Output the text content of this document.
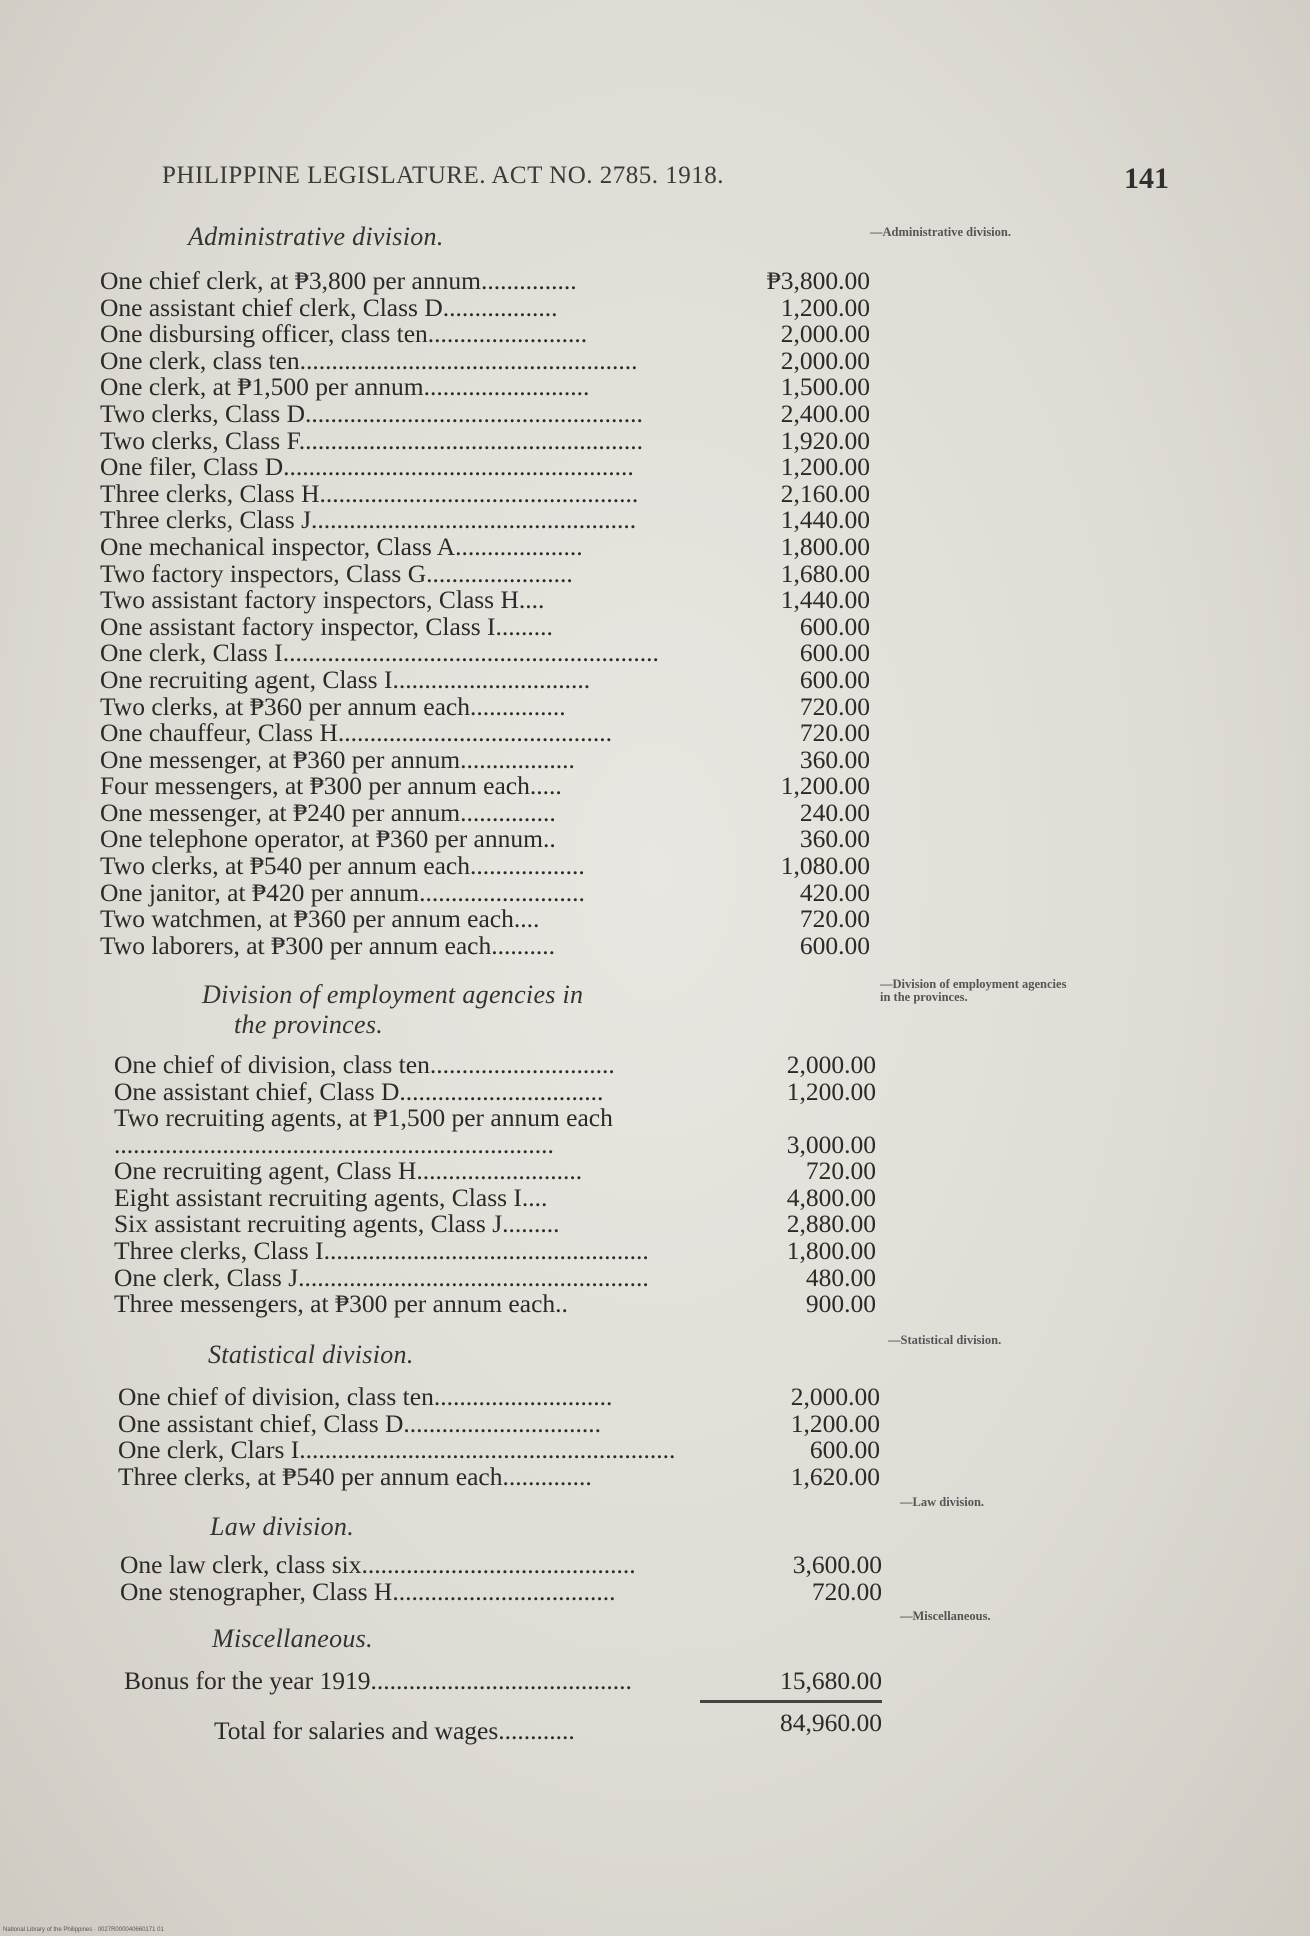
PHILIPPINE LEGISLATURE. ACT NO. 2785. 1918.	141
Administrative division.	—Administrative division.
One chief clerk, at ₱3,800 per annum...............	₱3,800.00
One assistant chief clerk, Class D..................	1,200.00
One disbursing officer, class ten.........................	2,000.00
One clerk, class ten.....................................................	2,000.00
One clerk, at ₱1,500 per annum..........................	1,500.00
Two clerks, Class D.....................................................	2,400.00
Two clerks, Class F......................................................	1,920.00
One filer, Class D.......................................................	1,200.00
Three clerks, Class H..................................................	2,160.00
Three clerks, Class J...................................................	1,440.00
One mechanical inspector, Class A....................	1,800.00
Two factory inspectors, Class G.......................	1,680.00
Two assistant factory inspectors, Class H....	1,440.00
One assistant factory inspector, Class I.........	600.00
One clerk, Class I...........................................................	600.00
One recruiting agent, Class I...............................	600.00
Two clerks, at ₱360 per annum each...............	720.00
One chauffeur, Class H...........................................	720.00
One messenger, at ₱360 per annum..................	360.00
Four messengers, at ₱300 per annum each.....	1,200.00
One messenger, at ₱240 per annum...............	240.00
One telephone operator, at ₱360 per annum..	360.00
Two clerks, at ₱540 per annum each..................	1,080.00
One janitor, at ₱420 per annum..........................	420.00
Two watchmen, at ₱360 per annum each....	720.00
Two laborers, at ₱300 per annum each..........	600.00
Division of employment agencies in
the provinces.
—Division of employment agencies in the provinces.
One chief of division, class ten.............................	2,000.00
One assistant chief, Class D................................	1,200.00
Two recruiting agents, at ₱1,500 per annum each .....................................................................	3,000.00
One recruiting agent, Class H..........................	720.00
Eight assistant recruiting agents, Class I....	4,800.00
Six assistant recruiting agents, Class J.........	2,880.00
Three clerks, Class I...................................................	1,800.00
One clerk, Class J.......................................................	480.00
Three messengers, at ₱300 per annum each..	900.00
Statistical division.	—Statistical division.
One chief of division, class ten............................	2,000.00
One assistant chief, Class D...............................	1,200.00
One clerk, Clars I...........................................................	600.00
Three clerks, at ₱540 per annum each..............	1,620.00
Law division.
—Law division.
One law clerk, class six...........................................	3,600.00
One stenographer, Class H...................................	720.00
Miscellaneous.
—Miscellaneous.
Bonus for the year 1919.........................................	15,680.00
Total for salaries and wages............	84,960.00
National Library of the Philippines · 0027R000040660171 01
